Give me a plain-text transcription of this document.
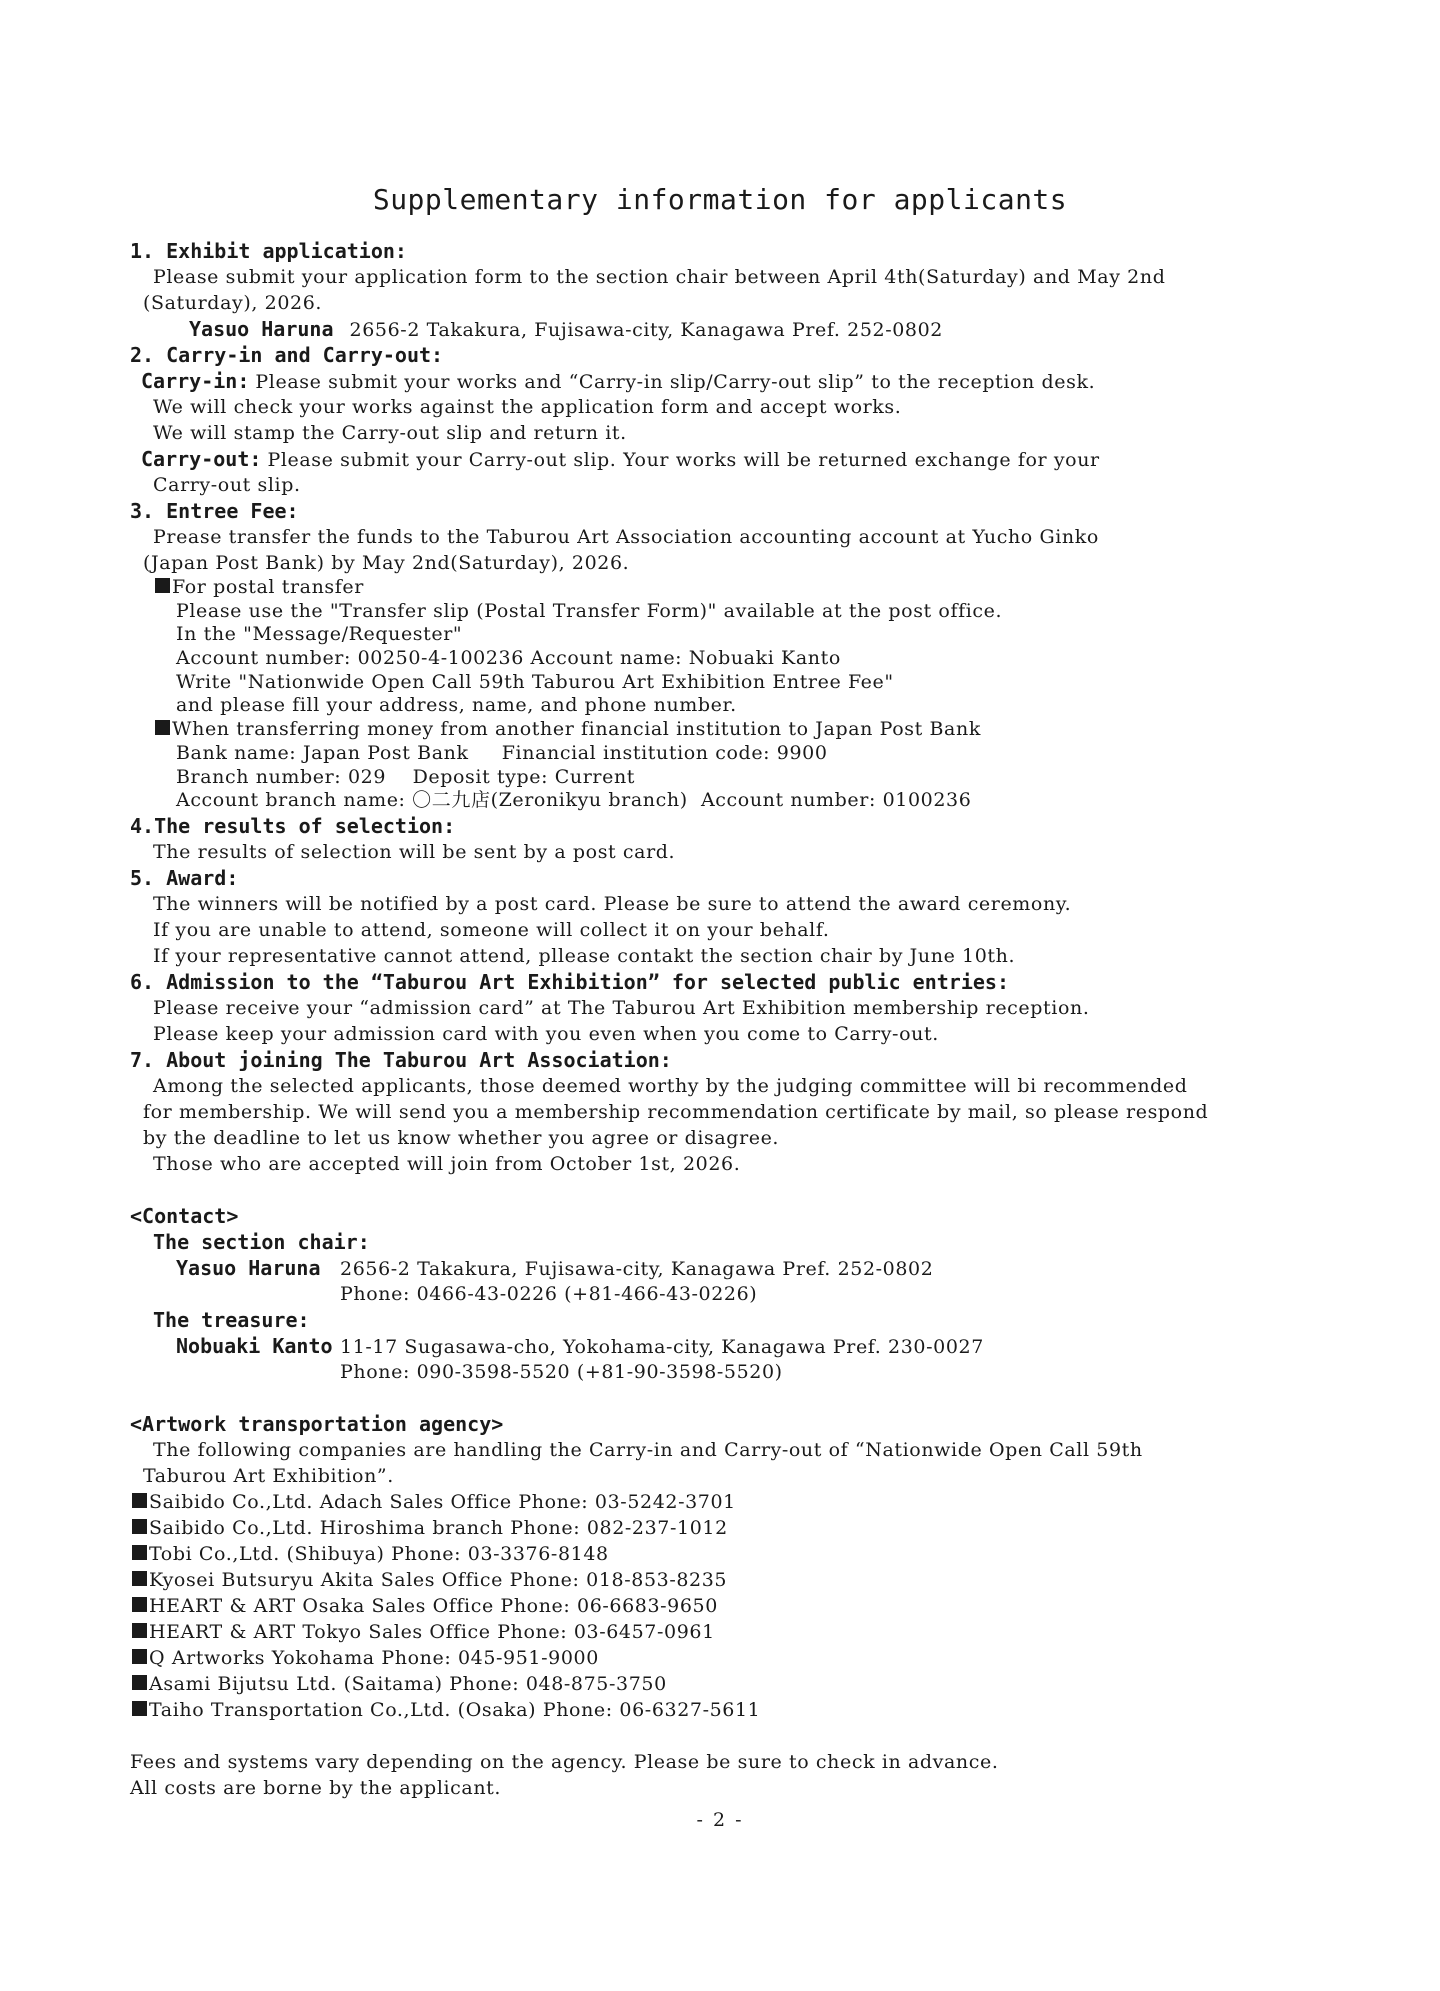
Supplementary information for applicants
1. Exhibit application:
Please submit your application form to the section chair between April 4th(Saturday) and May 2nd
(Saturday), 2026.
Yasuo Haruna 2656-2 Takakura, Fujisawa-city, Kanagawa Pref. 252-0802
2. Carry-in and Carry-out:
Carry-in: Please submit your works and “Carry-in slip/Carry-out slip” to the reception desk.
We will check your works against the application form and accept works.
We will stamp the Carry-out slip and return it.
Carry-out: Please submit your Carry-out slip. Your works will be returned exchange for your
Carry-out slip.
3. Entree Fee:
Prease transfer the funds to the Taburou Art Association accounting account at Yucho Ginko
(Japan Post Bank) by May 2nd(Saturday), 2026.
For postal transfer
Please use the "Transfer slip (Postal Transfer Form)" available at the post office.
In the "Message/Requester"
Account number: 00250-4-100236 Account name: Nobuaki Kanto
Write "Nationwide Open Call 59th Taburou Art Exhibition Entree Fee"
and please fill your address, name, and phone number.
When transferring money from another financial institution to Japan Post Bank
Bank name: Japan Post Bank     Financial institution code: 9900
Branch number: 029    Deposit type: Current
Account branch name: 〇二九店(Zeronikyu branch)  Account number: 0100236
4.The results of selection:
The results of selection will be sent by a post card.
5. Award:
The winners will be notified by a post card. Please be sure to attend the award ceremony.
If you are unable to attend, someone will collect it on your behalf.
If your representative cannot attend, pllease contakt the section chair by June 10th.
6. Admission to the “Taburou Art Exhibition” for selected public entries:
Please receive your “admission card” at The Taburou Art Exhibition membership reception.
Please keep your admission card with you even when you come to Carry-out.
7. About joining The Taburou Art Association:
Among the selected applicants, those deemed worthy by the judging committee will bi recommended
for membership. We will send you a membership recommendation certificate by mail, so please respond
by the deadline to let us know whether you agree or disagree.
Those who are accepted will join from October 1st, 2026.
<Contact>
The section chair:
Yasuo Haruna 2656-2 Takakura, Fujisawa-city, Kanagawa Pref. 252-0802
Phone: 0466-43-0226 (+81-466-43-0226)
The treasure:
Nobuaki Kanto 11-17 Sugasawa-cho, Yokohama-city, Kanagawa Pref. 230-0027
Phone: 090-3598-5520 (+81-90-3598-5520)
<Artwork transportation agency>
The following companies are handling the Carry-in and Carry-out of “Nationwide Open Call 59th
Taburou Art Exhibition”.
Saibido Co.,Ltd. Adach Sales Office Phone: 03-5242-3701
Saibido Co.,Ltd. Hiroshima branch Phone: 082-237-1012
Tobi Co.,Ltd. (Shibuya) Phone: 03-3376-8148
Kyosei Butsuryu Akita Sales Office Phone: 018-853-8235
HEART & ART Osaka Sales Office Phone: 06-6683-9650
HEART & ART Tokyo Sales Office Phone: 03-6457-0961
Q Artworks Yokohama Phone: 045-951-9000
Asami Bijutsu Ltd. (Saitama) Phone: 048-875-3750
Taiho Transportation Co.,Ltd. (Osaka) Phone: 06-6327-5611
Fees and systems vary depending on the agency. Please be sure to check in advance.
All costs are borne by the applicant.
- 2 -
